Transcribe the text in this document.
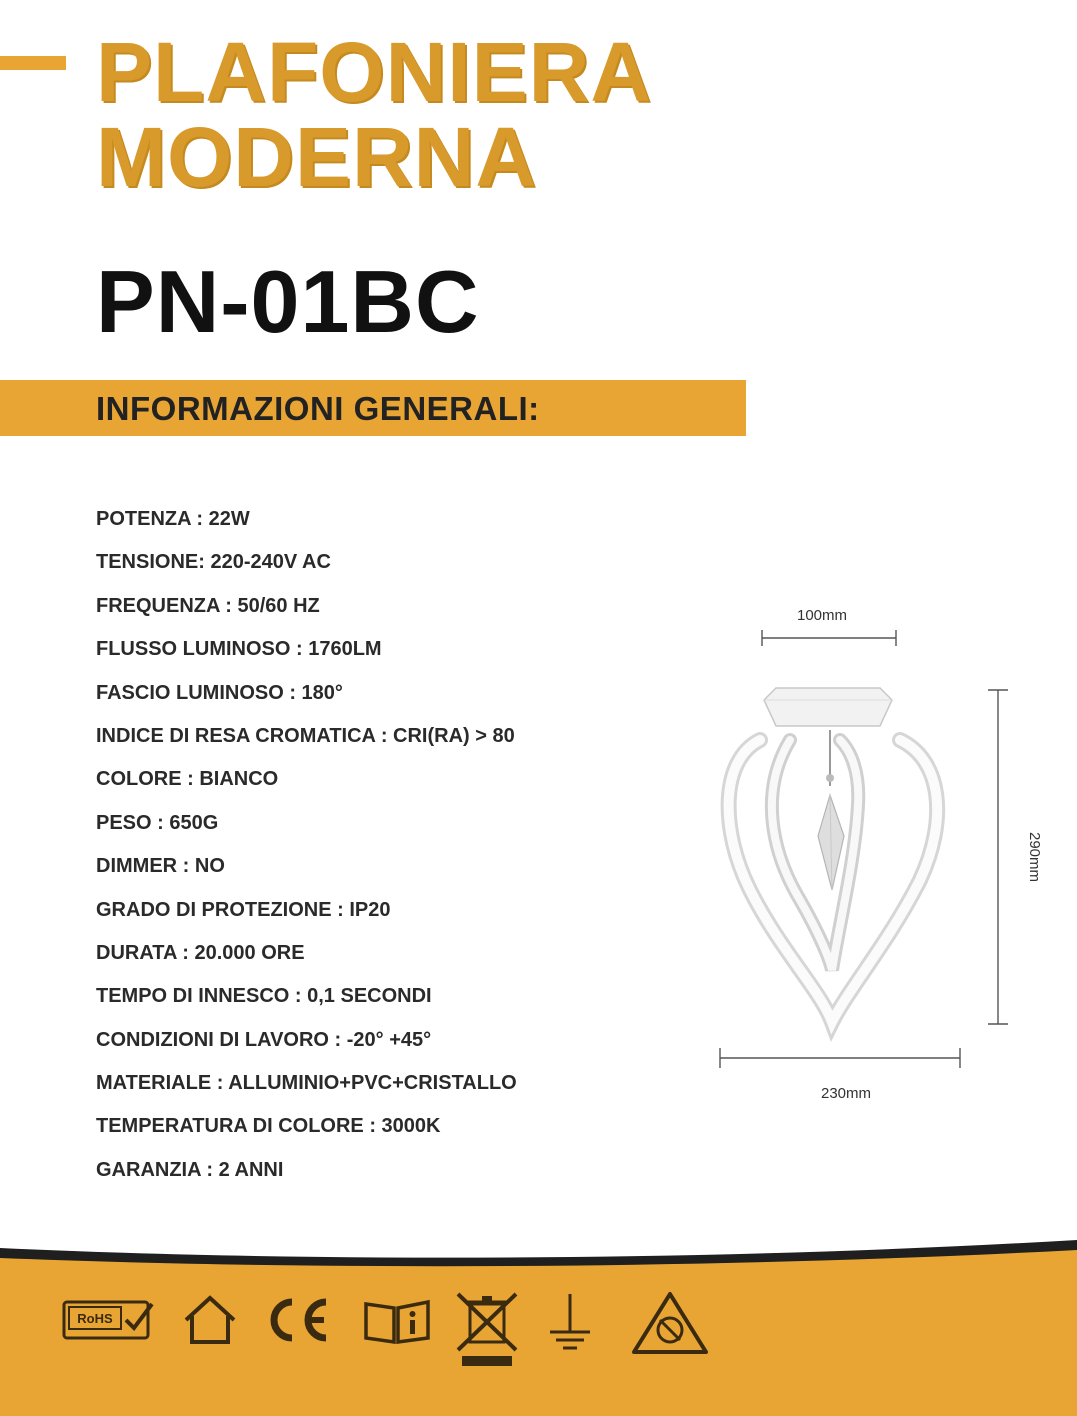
PLAFONIERA
MODERNA
PN-01BC
INFORMAZIONI GENERALI:
POTENZA : 22W
TENSIONE: 220-240V AC
FREQUENZA : 50/60 HZ
FLUSSO LUMINOSO : 1760LM
FASCIO LUMINOSO : 180°
INDICE DI RESA CROMATICA : CRI(RA) > 80
COLORE : BIANCO
PESO : 650G
DIMMER : NO
GRADO DI PROTEZIONE : IP20
DURATA : 20.000 ORE
TEMPO DI INNESCO : 0,1 SECONDI
CONDIZIONI DI LAVORO : -20° +45°
MATERIALE : ALLUMINIO+PVC+CRISTALLO
TEMPERATURA DI COLORE : 3000K
GARANZIA : 2 ANNI
100mm
290mm
230mm
RoHS
